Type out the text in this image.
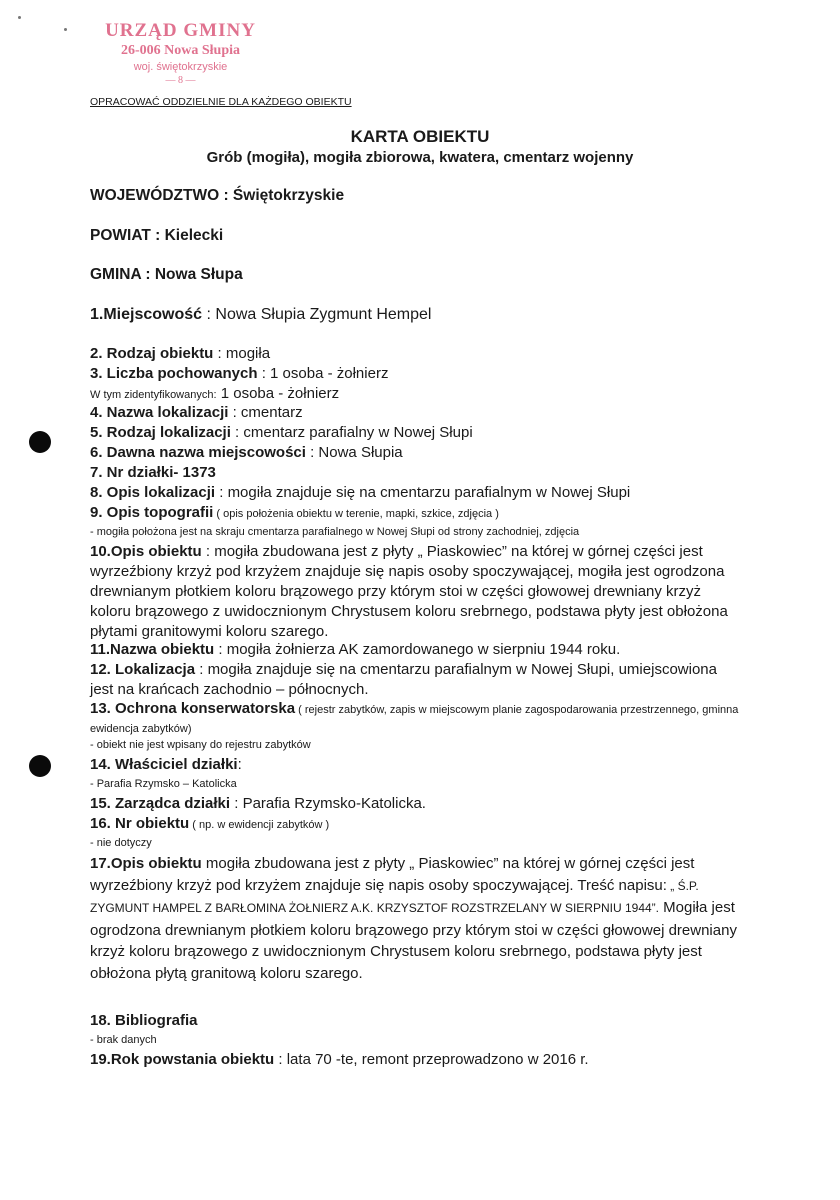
URZĄD GMINY
26-006 Nowa Słupia
woj. świętokrzyskie
— 8 —
OPRACOWAĆ ODDZIELNIE DLA KAŻDEGO OBIEKTU
KARTA OBIEKTU
Grób (mogiła), mogiła zbiorowa, kwatera, cmentarz wojenny
WOJEWÓDZTWO : Świętokrzyskie
POWIAT : Kielecki
GMINA : Nowa Słupa
1.Miejscowość : Nowa Słupia Zygmunt Hempel
2. Rodzaj obiektu : mogiła
3. Liczba pochowanych : 1 osoba - żołnierz
W tym zidentyfikowanych: 1 osoba - żołnierz
4. Nazwa lokalizacji : cmentarz
5. Rodzaj lokalizacji : cmentarz parafialny w Nowej Słupi
6. Dawna nazwa miejscowości : Nowa Słupia
7. Nr działki- 1373
8. Opis lokalizacji : mogiła znajduje się na cmentarzu parafialnym w Nowej Słupi
9. Opis topografii ( opis położenia obiektu w terenie, mapki, szkice, zdjęcia )
- mogiła położona jest na skraju cmentarza parafialnego w Nowej Słupi od strony zachodniej, zdjęcia
10.Opis obiektu : mogiła zbudowana jest z płyty „ Piaskowiec” na której w górnej części jest wyrzeźbiony krzyż pod krzyżem znajduje się napis osoby spoczywającej, mogiła jest ogrodzona drewnianym płotkiem koloru brązowego przy którym stoi w części głowowej drewniany krzyż koloru brązowego z uwidocznionym Chrystusem koloru srebrnego, podstawa płyty jest obłożona płytami granitowymi koloru szarego.
11.Nazwa obiektu : mogiła żołnierza AK zamordowanego w sierpniu 1944 roku.
12. Lokalizacja : mogiła znajduje się na cmentarzu parafialnym w Nowej Słupi, umiejscowiona jest na krańcach zachodnio – północnych.
13. Ochrona konserwatorska ( rejestr zabytków, zapis w miejscowym planie zagospodarowania przestrzennego, gminna ewidencja zabytków)
- obiekt nie jest wpisany do rejestru zabytków
14. Właściciel działki:
- Parafia Rzymsko – Katolicka
15. Zarządca działki : Parafia Rzymsko-Katolicka.
16. Nr obiektu ( np. w ewidencji zabytków )
- nie dotyczy
17.Opis obiektu mogiła zbudowana jest z płyty „ Piaskowiec” na której w górnej części jest wyrzeźbiony krzyż pod krzyżem znajduje się napis osoby spoczywającej. Treść napisu: „ Ś.P. ZYGMUNT HAMPEL Z BARŁOMINA ŻOŁNIERZ A.K. KRZYSZTOF ROZSTRZELANY W SIERPNIU 1944”. Mogiła jest ogrodzona drewnianym płotkiem koloru brązowego przy którym stoi w części głowowej drewniany krzyż koloru brązowego z uwidocznionym Chrystusem koloru srebrnego, podstawa płyty jest obłożona płytą granitową koloru szarego.
18. Bibliografia
- brak danych
19.Rok powstania obiektu : lata 70 -te, remont przeprowadzono w 2016 r.
